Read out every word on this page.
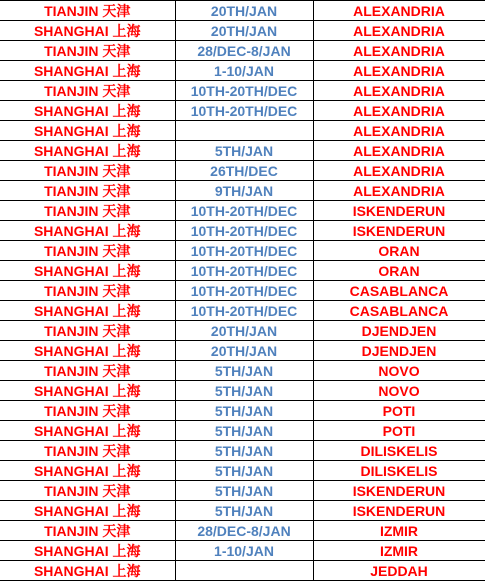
TIANJIN 天津	20TH/JAN	ALEXANDRIA
SHANGHAI 上海	20TH/JAN	ALEXANDRIA
TIANJIN 天津	28/DEC-8/JAN	ALEXANDRIA
SHANGHAI 上海	1-10/JAN	ALEXANDRIA
TIANJIN 天津	10TH-20TH/DEC	ALEXANDRIA
SHANGHAI 上海	10TH-20TH/DEC	ALEXANDRIA
SHANGHAI 上海		ALEXANDRIA
SHANGHAI 上海	5TH/JAN	ALEXANDRIA
TIANJIN 天津	26TH/DEC	ALEXANDRIA
TIANJIN 天津	9TH/JAN	ALEXANDRIA
TIANJIN 天津	10TH-20TH/DEC	ISKENDERUN
SHANGHAI 上海	10TH-20TH/DEC	ISKENDERUN
TIANJIN 天津	10TH-20TH/DEC	ORAN
SHANGHAI 上海	10TH-20TH/DEC	ORAN
TIANJIN 天津	10TH-20TH/DEC	CASABLANCA
SHANGHAI 上海	10TH-20TH/DEC	CASABLANCA
TIANJIN 天津	20TH/JAN	DJENDJEN
SHANGHAI 上海	20TH/JAN	DJENDJEN
TIANJIN 天津	5TH/JAN	NOVO
SHANGHAI 上海	5TH/JAN	NOVO
TIANJIN 天津	5TH/JAN	POTI
SHANGHAI 上海	5TH/JAN	POTI
TIANJIN 天津	5TH/JAN	DILISKELIS
SHANGHAI 上海	5TH/JAN	DILISKELIS
TIANJIN 天津	5TH/JAN	ISKENDERUN
SHANGHAI 上海	5TH/JAN	ISKENDERUN
TIANJIN 天津	28/DEC-8/JAN	IZMIR
SHANGHAI 上海	1-10/JAN	IZMIR
SHANGHAI 上海		JEDDAH
